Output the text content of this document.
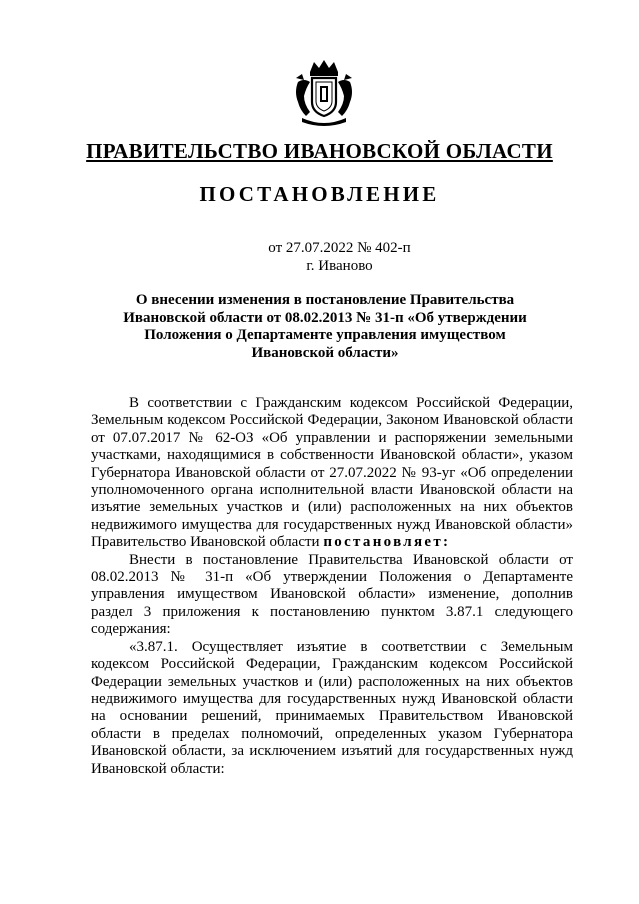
ПРАВИТЕЛЬСТВО ИВАНОВСКОЙ ОБЛАСТИ
ПОСТАНОВЛЕНИЕ
от 27.07.2022 № 402-п
г. Иваново
О внесении изменения в постановление Правительства
Ивановской области от 08.02.2013 № 31-п «Об утверждении
Положения о Департаменте управления имуществом
Ивановской области»

В соответствии с Гражданским кодексом Российской Федерации, Земельным кодексом Российской Федерации, Законом Ивановской области от 07.07.2017 № 62-ОЗ «Об управлении и распоряжении земельными участками, находящимися в собственности Ивановской области», указом Губернатора Ивановской области от 27.07.2022 № 93-уг «Об определении уполномоченного органа исполнительной власти Ивановской области на изъятие земельных участков и (или) расположенных на них объектов недвижимого имущества для государственных нужд Ивановской области» Правительство Ивановской области постановляет:

Внести в постановление Правительства Ивановской области от 08.02.2013 № 31-п «Об утверждении Положения о Департаменте управления имуществом Ивановской области» изменение, дополнив раздел 3 приложения к постановлению пунктом 3.87.1 следующего содержания:

«3.87.1. Осуществляет изъятие в соответствии с Земельным кодексом Российской Федерации, Гражданским кодексом Российской Федерации земельных участков и (или) расположенных на них объектов недвижимого имущества для государственных нужд Ивановской области на основании решений, принимаемых Правительством Ивановской области в пределах полномочий, определенных указом Губернатора Ивановской области, за исключением изъятий для государственных нужд Ивановской области:
